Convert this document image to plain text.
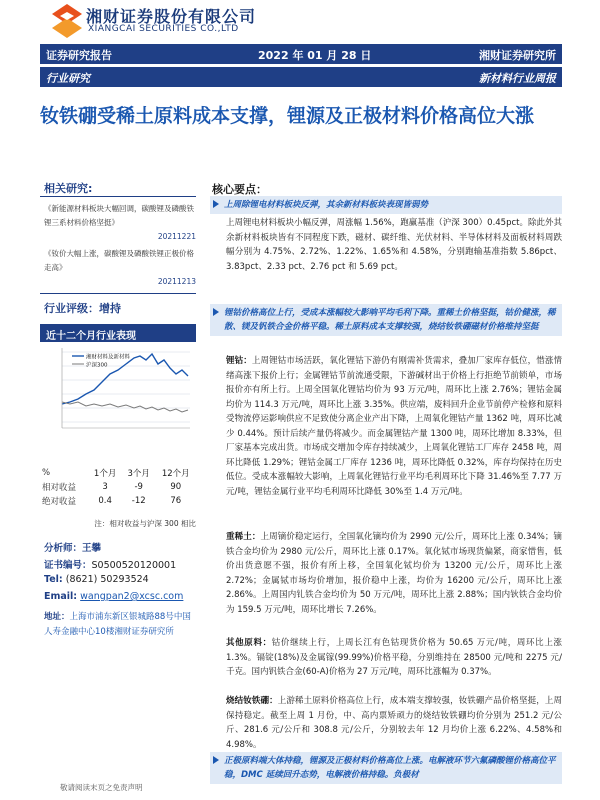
湘财证券股份有限公司
XIANGCAI SECURITIES CO.,LTD
证券研究报告	2022 年 01 月 28 日	湘财证券研究所
行业研究	新材料行业周报
钕铁硼受稀土原料成本支撑，锂源及正极材料价格高位大涨
相关研究:
《新能源材料板块大幅回调，碳酸锂及磷酸铁锂三系材料价格坚挺》
20211221
《钕价大幅上涨，碳酸锂及磷酸铁锂正极价格走高》
20211213
行业评级：增持
近十二个月行业表现
湘财材料及新材料
沪深300
%	1个月	3个月	12个月
相对收益	3	-9	90
绝对收益	0.4	-12	76
注：相对收益与沪深 300 相比
分析师：王攀
证书编号：S0500520120001
Tel: (8621) 50293524
Email: wangpan2@xcsc.com
地址：上海市浦东新区银城路88号中国人寿金融中心10楼湘财证券研究所
核心要点：
上周除锂电材料板块反弹，其余新材料板块表现皆弱势
上周锂电材料板块小幅反弹，周涨幅 1.56%，跑赢基准（沪深 300）0.45pct。除此外其余新材料板块皆有不同程度下跌，磁材、碳纤维、光伏材料、半导体材料及面板材料周跌幅分别为 4.75%、2.72%、1.22%、1.65%和 4.58%，分别跑输基准指数 5.86pct、3.83pct、2.33 pct、2.76 pct 和 5.69 pct。
锂钴价格高位上行，受成本涨幅较大影响平均毛利下降。重稀土价格坚挺，钴价健涨，稀散、镁及钒铁合金价格平稳。稀土原料成本支撑较强，烧结钕铁硼磁材价格维持坚挺
锂钴：上周锂钴市场活跃，氧化锂钴下游仍有刚需补货需求，叠加厂家库存低位，惜涨情绪高涨下报价上行；金属锂钴节前流通受限，下游碱材出于价格上行拒绝节前锁单，市场报价亦有所上行。上周全国氧化锂钴均价为 93 万元/吨，周环比上涨 2.76%；锂钴金属均价为 114.3 万元/吨，周环比上涨 3.35%。供应端，废料回升企业节前停产检修和原料受物流停运影响供应不足致使分离企业产出下降，上周氧化锂钴产量 1362 吨，周环比减少 0.44%。预计后续产量仍将减少。而金属锂钴产量 1300 吨，周环比增加 8.33%，但厂家基本完成出货。市场成交增加令库存持续减少，上周氧化锂钴工厂库存 2458 吨，周环比降低 1.29%；锂钴金属工厂库存 1236 吨，周环比降低 0.32%，库存均保持在历史低位。受成本涨幅较大影响，上周氧化锂钴行业平均毛利周环比下降 31.46%至 7.77 万元/吨，锂钴金属行业平均毛利周环比降低 30%至 1.4 万元/吨。
重稀土：上周镝价稳定运行，全国氧化镝均价为 2990 元/公斤，周环比上涨 0.34%；镝铁合金均价为 2980 元/公斤，周环比上涨 0.17%。氧化铽市场现货偏紧，商家惜售，低价出货意愿不强，报价有所上移，全国氧化铽均价为 13200 元/公斤，周环比上涨 2.72%；金属铽市场均价增加，报价稳中上涨，均价为 16200 元/公斤，周环比上涨 2.86%。上周国内钆铁合金均价为 50 万元/吨，周环比上涨 2.88%；国内钬铁合金均价为 159.5 万元/吨，周环比增长 7.26%。
其他原料：钴价继续上行，上周长江有色钴现货价格为 50.65 万元/吨，周环比上涨 1.3%。镉锭(18%)及金属镓(99.99%)价格平稳，分别维持在 28500 元/吨和 2275 元/千克。国内钒铁合金(60-A)价格为 27 万元/吨，周环比涨幅为 0.37%。
烧结钕铁硼：上游稀土原料价格高位上行，成本端支撑较强，钕铁硼产品价格坚挺，上周保持稳定。截至上周 1 月份，中、高内票矫顽力的烧结钕铁硼均价分别为 251.2 元/公斤、281.6 元/公斤和 308.8 元/公斤，分别较去年 12 月均价上涨 6.22%、4.58%和 4.98%。
正极原料端大体持稳，锂源及正极材料价格高位上涨。电解液环节六氟磷酸锂价格高位平稳，DMC 延续回升态势，电解液价格持稳。负极材
敬请阅读末页之免责声明
